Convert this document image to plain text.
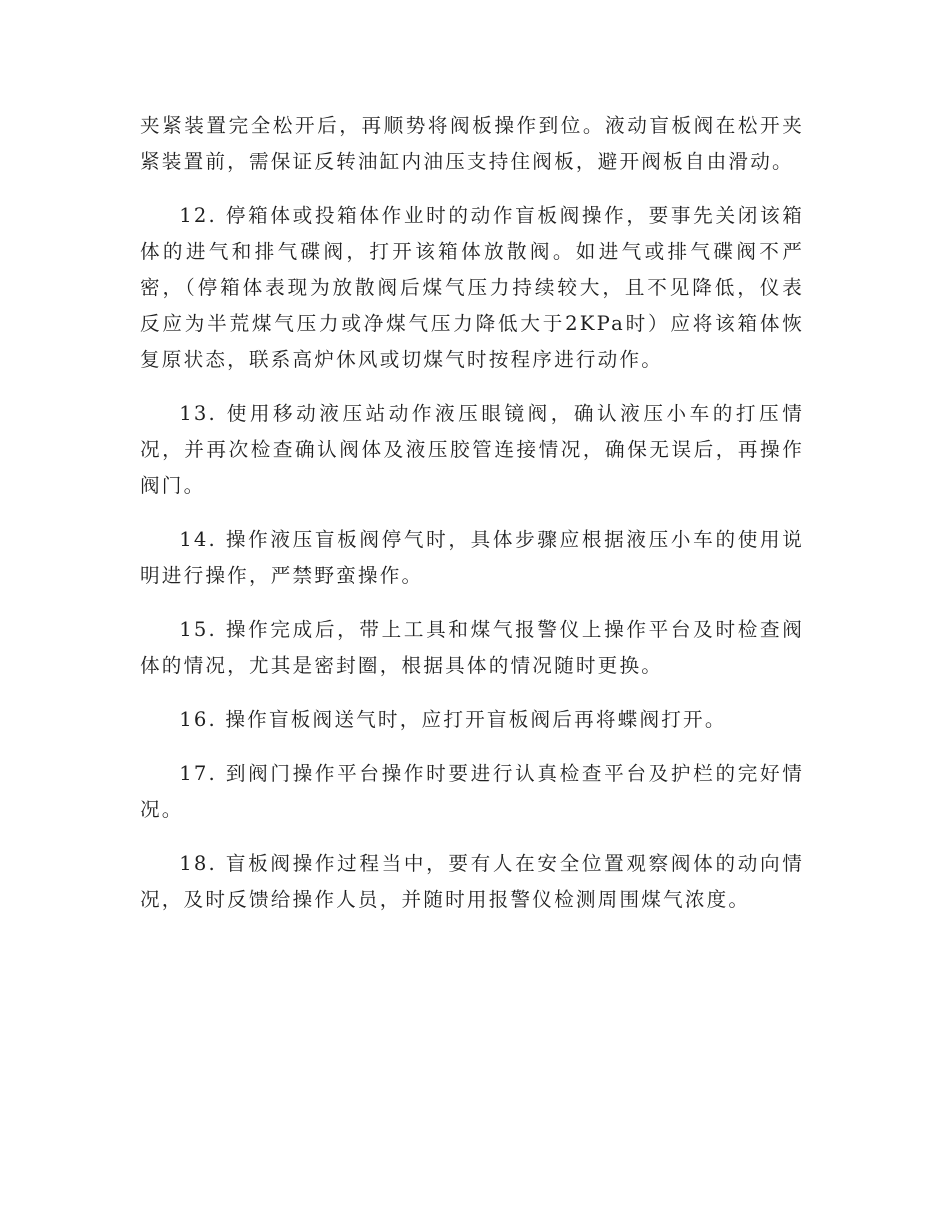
夹紧装置完全松开后，再顺势将阀板操作到位。液动盲板阀在松开夹紧装置前，需保证反转油缸内油压支持住阀板，避开阀板自由滑动。

12. 停箱体或投箱体作业时的动作盲板阀操作，要事先关闭该箱体的进气和排气碟阀，打开该箱体放散阀。如进气或排气碟阀不严密，（停箱体表现为放散阀后煤气压力持续较大，且不见降低，仪表反应为半荒煤气压力或净煤气压力降低大于2KPa时）应将该箱体恢复原状态，联系高炉休风或切煤气时按程序进行动作。

13. 使用移动液压站动作液压眼镜阀，确认液压小车的打压情况，并再次检查确认阀体及液压胶管连接情况，确保无误后，再操作阀门。

14. 操作液压盲板阀停气时，具体步骤应根据液压小车的使用说明进行操作，严禁野蛮操作。

15. 操作完成后，带上工具和煤气报警仪上操作平台及时检查阀体的情况，尤其是密封圈，根据具体的情况随时更换。

16. 操作盲板阀送气时，应打开盲板阀后再将蝶阀打开。

17. 到阀门操作平台操作时要进行认真检查平台及护栏的完好情况。

18. 盲板阀操作过程当中，要有人在安全位置观察阀体的动向情况，及时反馈给操作人员，并随时用报警仪检测周围煤气浓度。
